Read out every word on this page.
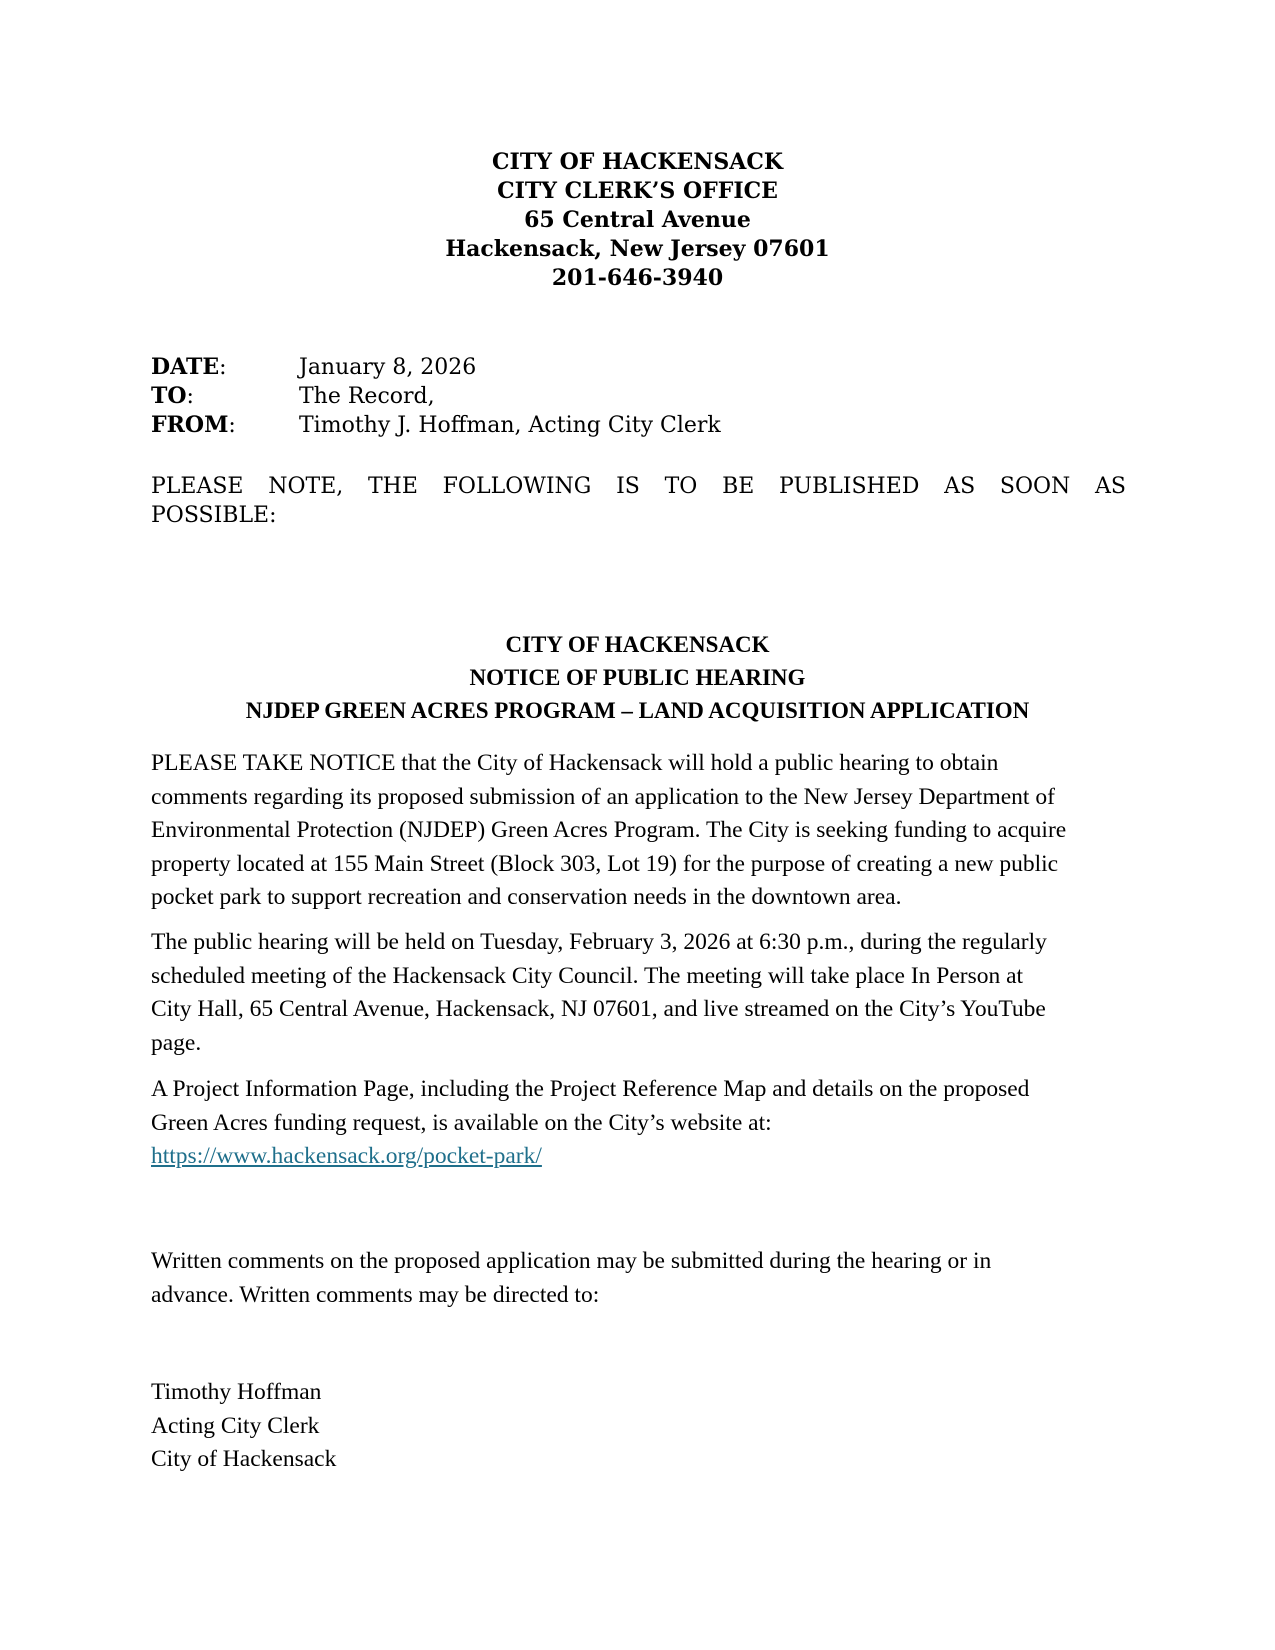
CITY OF HACKENSACK
CITY CLERK’S OFFICE
65 Central Avenue
Hackensack, New Jersey 07601
201-646-3940
DATE:	January 8, 2026
TO:	The Record,
FROM:	Timothy J. Hoffman, Acting City Clerk
PLEASE NOTE, THE FOLLOWING IS TO BE PUBLISHED AS SOON AS
POSSIBLE:
CITY OF HACKENSACK
NOTICE OF PUBLIC HEARING
NJDEP GREEN ACRES PROGRAM – LAND ACQUISITION APPLICATION
PLEASE TAKE NOTICE that the City of Hackensack will hold a public hearing to obtain
comments regarding its proposed submission of an application to the New Jersey Department of
Environmental Protection (NJDEP) Green Acres Program. The City is seeking funding to acquire
property located at 155 Main Street (Block 303, Lot 19) for the purpose of creating a new public
pocket park to support recreation and conservation needs in the downtown area.
The public hearing will be held on Tuesday, February 3, 2026 at 6:30 p.m., during the regularly
scheduled meeting of the Hackensack City Council. The meeting will take place In Person at
City Hall, 65 Central Avenue, Hackensack, NJ 07601, and live streamed on the City’s YouTube
page.
A Project Information Page, including the Project Reference Map and details on the proposed
Green Acres funding request, is available on the City’s website at:
https://www.hackensack.org/pocket-park/
Written comments on the proposed application may be submitted during the hearing or in
advance. Written comments may be directed to:
Timothy Hoffman
Acting City Clerk
City of Hackensack
